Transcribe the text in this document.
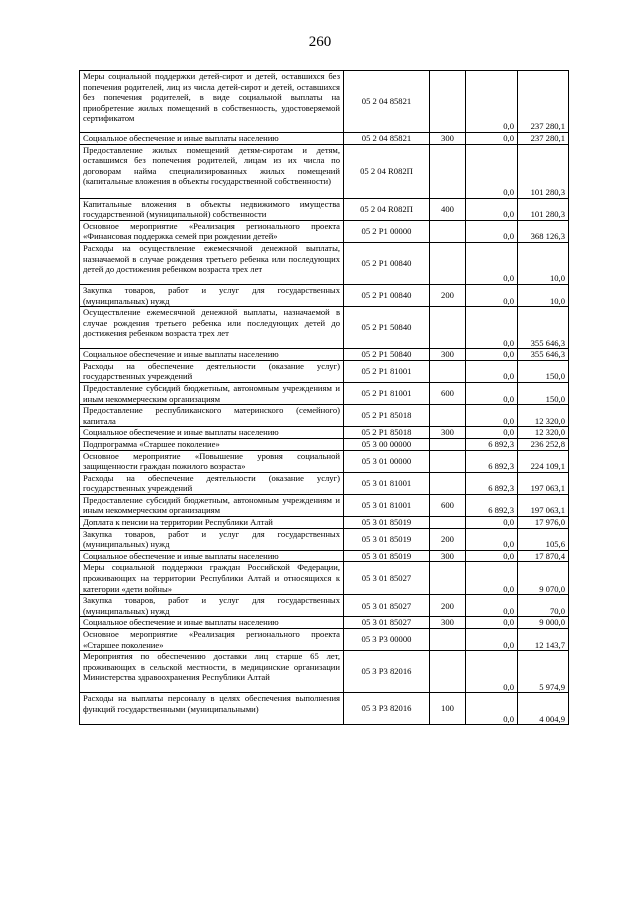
260
Меры социальной поддержки детей-сирот и детей, оставшихся без попечения родителей, лиц из числа детей-сирот и детей, оставшихся без попечения родителей, в виде социальной выплаты на приобретение жилых помещений в собственность, удостоверяемой сертификатом	05 2 04 85821		0,0	237 280,1
Социальное обеспечение и иные выплаты населению	05 2 04 85821	300	0,0	237 280,1
Предоставление жилых помещений детям-сиротам и детям, оставшимся без попечения родителей, лицам из их числа по договорам найма специализированных жилых помещений (капитальные вложения в объекты государственной собственности)	05 2 04 R082П		0,0	101 280,3
Капитальные вложения в объекты недвижимого имущества государственной (муниципальной) собственности	05 2 04 R082П	400	0,0	101 280,3
Основное мероприятие «Реализация регионального проекта «Финансовая поддержка семей при рождении детей»	05 2 P1 00000		0,0	368 126,3
Расходы на осуществление ежемесячной денежной выплаты, назначаемой в случае рождения третьего ребенка или последующих детей до достижения ребенком возраста трех лет	05 2 P1 00840		0,0	10,0
Закупка товаров, работ и услуг для государственных (муниципальных) нужд	05 2 P1 00840	200	0,0	10,0
Осуществление ежемесячной денежной выплаты, назначаемой в случае рождения третьего ребенка или последующих детей до достижения ребенком возраста трех лет	05 2 P1 50840		0,0	355 646,3
Социальное обеспечение и иные выплаты населению	05 2 P1 50840	300	0,0	355 646,3
Расходы на обеспечение деятельности (оказание услуг) государственных учреждений	05 2 P1 81001		0,0	150,0
Предоставление субсидий бюджетным, автономным учреждениям и иным некоммерческим организациям	05 2 P1 81001	600	0,0	150,0
Предоставление республиканского материнского (семейного) капитала	05 2 P1 85018		0,0	12 320,0
Социальное обеспечение и иные выплаты населению	05 2 P1 85018	300	0,0	12 320,0
Подпрограмма «Старшее поколение»	05 3 00 00000		6 892,3	236 252,8
Основное мероприятие «Повышение уровня социальной защищенности граждан пожилого возраста»	05 3 01 00000		6 892,3	224 109,1
Расходы на обеспечение деятельности (оказание услуг) государственных учреждений	05 3 01 81001		6 892,3	197 063,1
Предоставление субсидий бюджетным, автономным учреждениям и иным некоммерческим организациям	05 3 01 81001	600	6 892,3	197 063,1
Доплата к пенсии на территории Республики Алтай	05 3 01 85019		0,0	17 976,0
Закупка товаров, работ и услуг для государственных (муниципальных) нужд	05 3 01 85019	200	0,0	105,6
Социальное обеспечение и иные выплаты населению	05 3 01 85019	300	0,0	17 870,4
Меры социальной поддержки граждан Российской Федерации, проживающих на территории Республики Алтай и относящихся к категории «дети войны»	05 3 01 85027		0,0	9 070,0
Закупка товаров, работ и услуг для государственных (муниципальных) нужд	05 3 01 85027	200	0,0	70,0
Социальное обеспечение и иные выплаты населению	05 3 01 85027	300	0,0	9 000,0
Основное мероприятие «Реализация регионального проекта «Старшее поколение»	05 3 P3 00000		0,0	12 143,7
Мероприятия по обеспечению доставки лиц старше 65 лет, проживающих в сельской местности, в медицинские организации Министерства здравоохранения Республики Алтай	05 3 P3 82016		0,0	5 974,9
Расходы на выплаты персоналу в целях обеспечения выполнения функций государственными (муниципальными)	05 3 P3 82016	100	0,0	4 004,9
